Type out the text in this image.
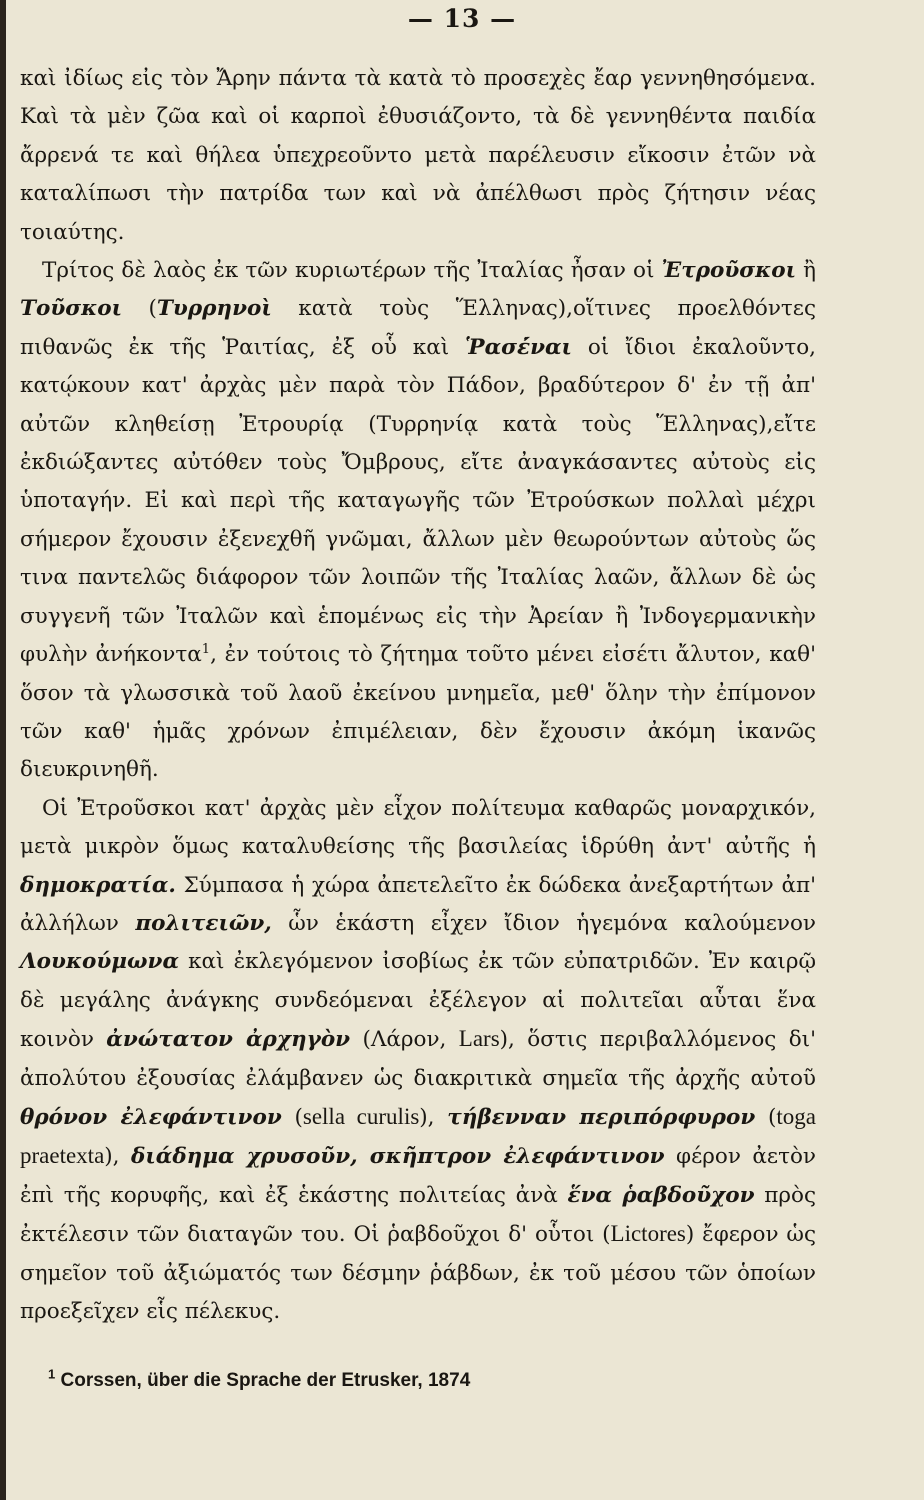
— 13 —

καὶ ἰδίως εἰς τὸν Ἄρην πάντα τὰ κατὰ τὸ προσεχὲς ἔαρ γεννηθησόμενα. Καὶ τὰ μὲν ζῶα καὶ οἱ καρποὶ ἐθυσιάζοντο, τὰ δὲ γεννηθέντα παιδία ἄρρενά τε καὶ θήλεα ὑπεχρεοῦντο μετὰ παρέλευσιν εἴκοσιν ἐτῶν νὰ καταλίπωσι τὴν πατρίδα των καὶ νὰ ἀπέλθωσι πρὸς ζήτησιν νέας τοιαύτης.

Τρίτος δὲ λαὸς ἐκ τῶν κυριωτέρων τῆς Ἰταλίας ἦσαν οἱ Ἐτροῦσκοι ἢ Τοῦσκοι (Τυρρηνοὶ κατὰ τοὺς Ἕλληνας),οἵτινες προελθόντες πιθανῶς ἐκ τῆς Ῥαιτίας, ἐξ οὗ καὶ Ῥασέ̇ναι οἱ ἴδιοι ἐκαλοῦντο, κατῴκουν κατ' ἀρχὰς μὲν παρὰ τὸν Πάδον, βραδύτερον δ' ἐν τῇ ἀπ' αὐτῶν κληθείσῃ Ἐτρουρίᾳ (Τυρρηνίᾳ κατὰ τοὺς Ἕλληνας),εἴτε ἐκδιώξαντες αὐτόθεν τοὺς Ὄμβρους, εἴτε ἀναγκάσαντες αὐτοὺς εἰς ὑποταγήν. Εἰ καὶ περὶ τῆς καταγωγῆς τῶν Ἐτρούσκων πολλαὶ μέχρι σήμερον ἔχουσιν ἐξενεχθῆ γνῶμαι, ἄλλων μὲν θεωρούντων αὐτοὺς ὥς τινα παντελῶς διάφορον τῶν λοιπῶν τῆς Ἰταλίας λαῶν, ἄλλων δὲ ὡς συγγενῆ τῶν Ἰταλῶν καὶ ἑπομένως εἰς τὴν Ἀρείαν ἢ Ἰνδογερμανικὴν φυλὴν ἀνήκοντα$^1$, ἐν τούτοις τὸ ζήτημα τοῦτο μένει εἰσέτι ἄλυτον, καθ' ὅσον τὰ γλωσσικὰ τοῦ λαοῦ ἐκείνου μνημεῖα, μεθ' ὅλην τὴν ἐπίμονον τῶν καθ' ἡμᾶς χρόνων ἐπιμέλειαν, δὲν ἔχουσιν ἀκόμη ἱκανῶς διευκρινηθῆ.

Οἱ Ἐτροῦσκοι κατ' ἀρχὰς μὲν εἶχον πολίτευμα καθαρῶς μοναρχικόν, μετὰ μικρὸν ὅμως καταλυθείσης τῆς βασιλείας ἱδρύθη ἀντ' αὐτῆς ἡ δημοκρατία. Σύμπασα ἡ χώρα ἀπετελεῖτο ἐκ δώδεκα ἀνεξαρτήτων ἀπ' ἀλλήλων πολιτειῶν, ὧν ἑκάστη εἶχεν ἴδιον ἡγεμόνα καλούμενον Λουκούμωνα καὶ ἐκλεγόμενον ἰσοβίως ἐκ τῶν εὐπατριδῶν. Ἐν καιρῷ δὲ μεγάλης ἀνάγκης συνδεόμεναι ἐξέλεγον αἱ πολιτεῖαι αὗται ἕνα κοινὸν ἀνώτατον ἀρχηγὸν (Λάρον, Lars), ὅστις περιβαλλόμενος δι' ἀπολύτου ἐξουσίας ἐλάμβανεν ὡς διακριτικὰ σημεῖα τῆς ἀρχῆς αὐτοῦ θρόνον ἐλεφάντινον (sella curulis), τήβενναν περιπόρφυρον (toga praetexta), διάδημα χρυσοῦν, σκῆπτρον ἐλεφάντινον φέρον ἀετὸν ἐπὶ τῆς κορυφῆς, καὶ ἐξ ἑκάστης πολιτείας ἀνὰ ἕνα ῥαβδοῦχον πρὸς ἐκτέλεσιν τῶν διαταγῶν του. Οἱ ῥαβδοῦχοι δ' οὗτοι (Lictores) ἔφερον ὡς σημεῖον τοῦ ἀξιώματός των δέσμην ῥάβδων, ἐκ τοῦ μέσου τῶν ὁποίων προεξεῖχεν εἷς πέλεκυς.

$^1$ Corssen, über die Sprache der Etrusker, 1874
